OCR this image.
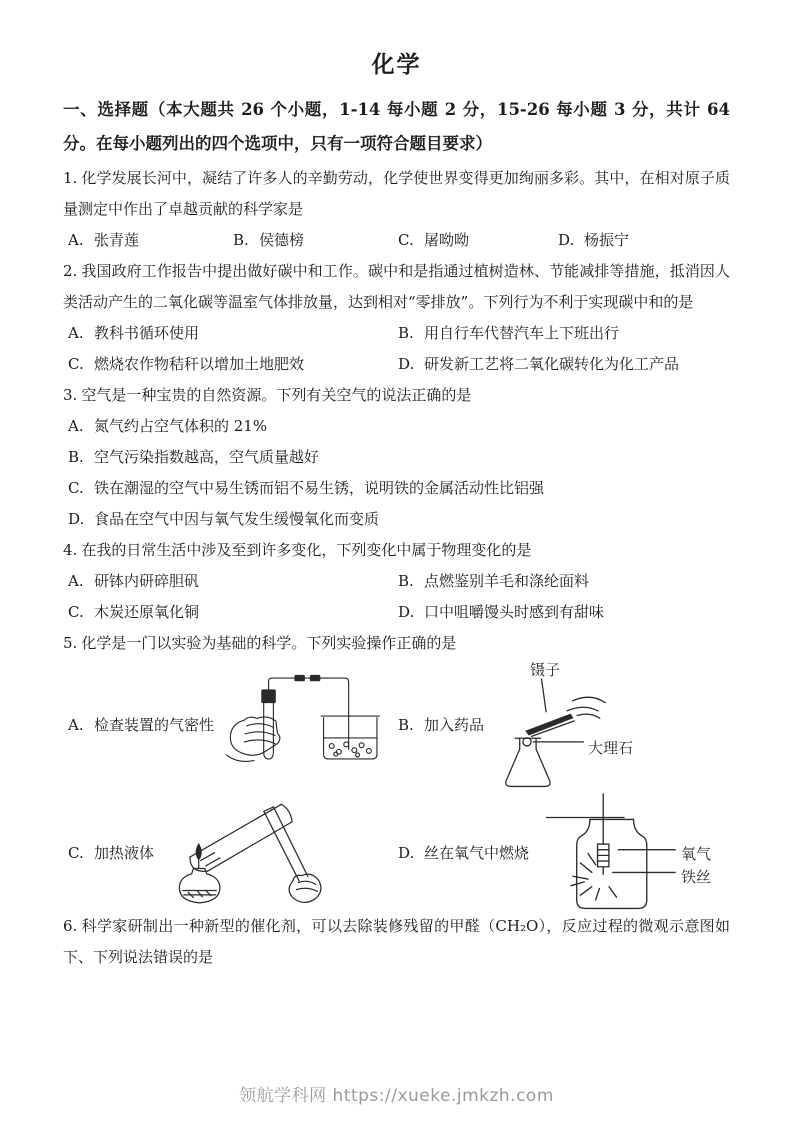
化学

一、选择题（本大题共 26 个小题，1-14 每小题 2 分，15-26 每小题 3 分，共计 64 分。在每小题列出的四个选项中，只有一项符合题目要求）

1. 化学发展长河中，凝结了许多人的辛勤劳动，化学使世界变得更加绚丽多彩。其中，在相对原子质量测定中作出了卓越贡献的科学家是

A. 张青莲	B. 侯德榜	C. 屠呦呦	D. 杨振宁

2. 我国政府工作报告中提出做好碳中和工作。碳中和是指通过植树造林、节能减排等措施，抵消因人类活动产生的二氧化碳等温室气体排放量，达到相对“零排放”。下列行为不利于实现碳中和的是

A. 教科书循环使用	B. 用自行车代替汽车上下班出行
C. 燃烧农作物秸秆以增加土地肥效	D. 研发新工艺将二氧化碳转化为化工产品

3. 空气是一种宝贵的自然资源。下列有关空气的说法正确的是

A. 氮气约占空气体积的 21%
B. 空气污染指数越高，空气质量越好
C. 铁在潮湿的空气中易生锈而铝不易生锈，说明铁的金属活动性比铝强
D. 食品在空气中因与氧气发生缓慢氧化而变质

4. 在我的日常生活中涉及至到许多变化，下列变化中属于物理变化的是

A. 研钵内研碎胆矾	B. 点燃鉴别羊毛和涤纶面料
C. 木炭还原氧化铜	D. 口中咀嚼馒头时感到有甜味

5. 化学是一门以实验为基础的科学。下列实验操作正确的是

A. 检查装置的气密性	B. 加入药品
镊子
大理石
C. 加热液体	D. 丝在氧气中燃烧	氧气
铁丝

6. 科学家研制出一种新型的催化剂，可以去除装修残留的甲醛（CH₂O），反应过程的微观示意图如下、下列说法错误的是

领航学科网 https://xueke.jmkzh.com
